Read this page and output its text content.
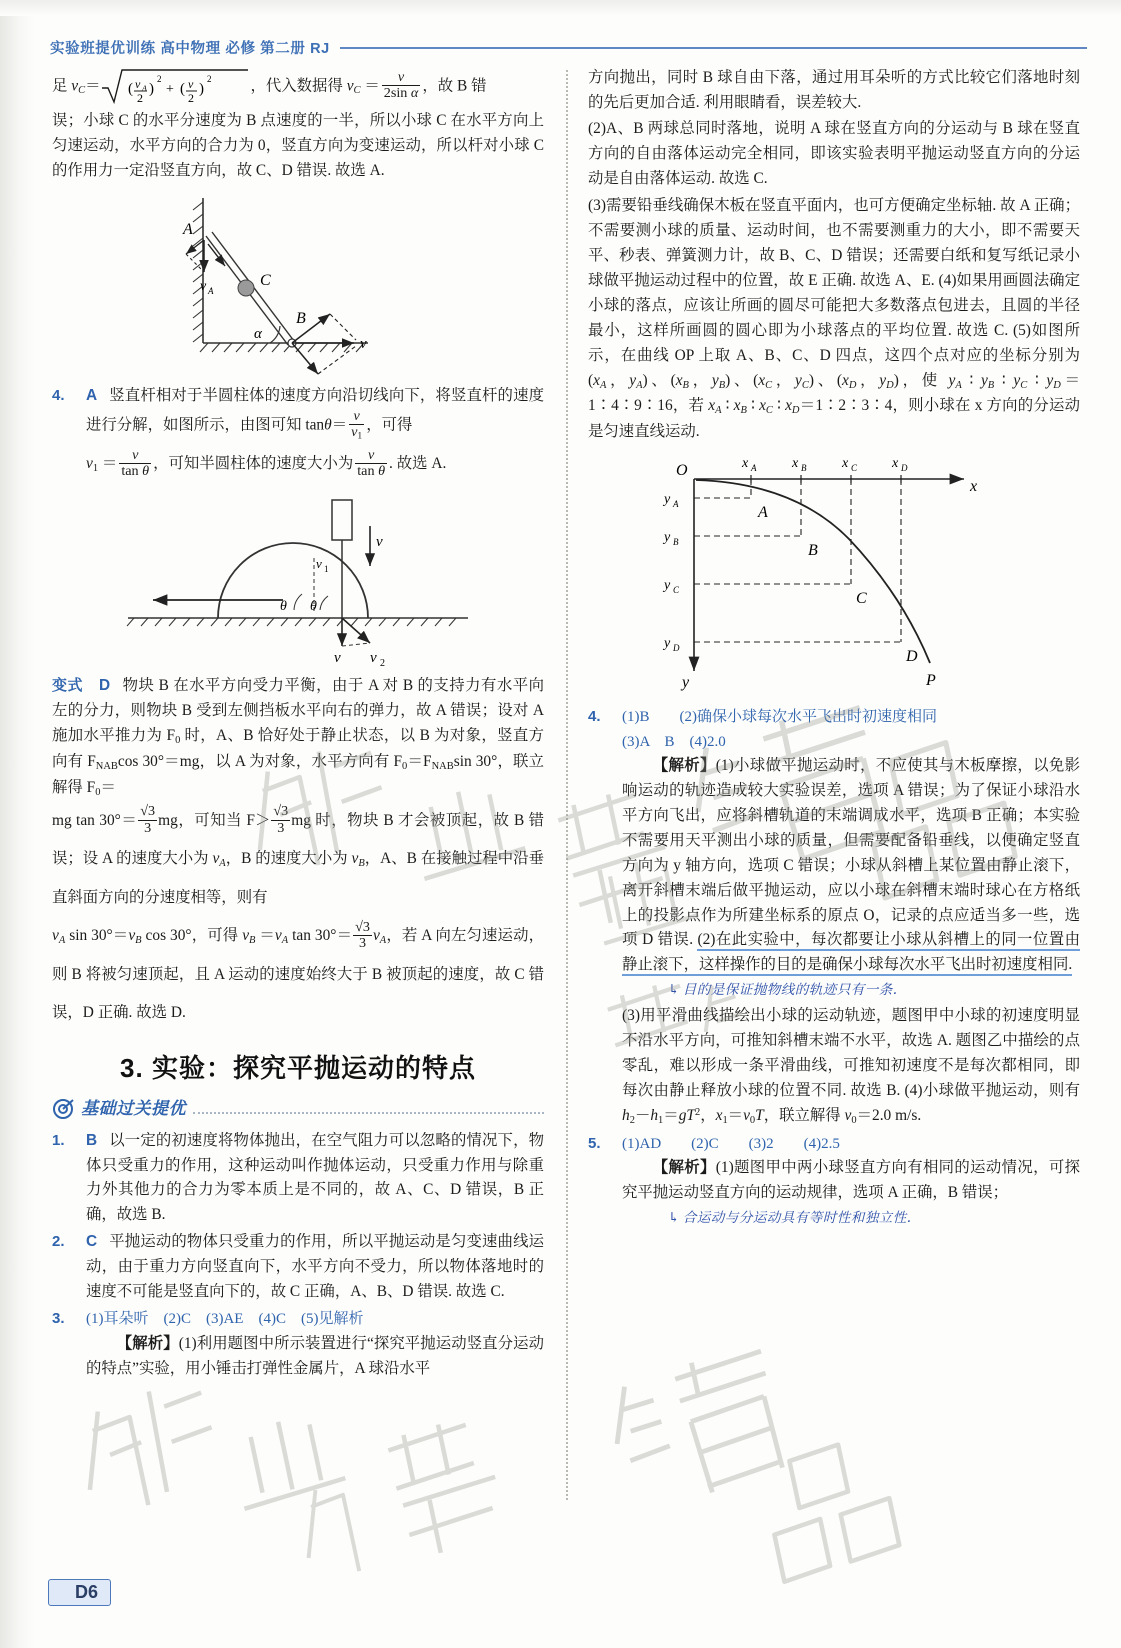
实验班提优训练 高中物理 必修 第二册 RJ

足 $v_C=$ ( v A
2
)
2
+ ( v
2
)
2	，代入数据得 $v_C = \frac{v}{\text{2sin α}}$ ，故 B 错

误；小球 C 的水平分速度为 B 点速度的一半，所以小球 C 在水平方向上匀速运动，水平方向的合力为 0，竖直方向为变速运动，所以杆对小球 C 的作用力一定沿竖直方向，故 C、D 错误. 故选 A.

C
A
v A
B
α
v
4. A 竖直杆相对于半圆柱体的速度方向沿切线向下，将竖直杆的速度进行分解，如图所示，由图可知 $\tan\theta= \frac{v}{v1}$ ，可得
$v1 = \frac{v}{\text{tan θ}}$ ，可知半圆柱体的速度大小为 $\frac{v}{\text{tan θ}}$ . 故选 A.
v
v 1
θ θ
v v 2
变式 D 物块 B 在水平方向受力平衡，由于 A 对 B 的支持力有水平向左的分力，则物块 B 受到左侧挡板水平向右的弹力，故 A 错误；设对 A 施加水平推力为 F0 时，A、B 恰好处于静止状态，以 B 为对象，竖直方向有 FNABcos 30°＝mg，以 A 为对象，水平方向有 F0＝FNABsin 30°，联立解得 F0＝
mg $\tan 30^\circ= \frac{√3}{3}$ mg，可知当 $F> \frac{√3}{3}$ mg 时，物块 B 才会被顶起，故 B 错误；设 A 的速度大小为 $v_A$，B 的速度大小为 $v_B$，A、B 在接触过程中沿垂直斜面方向的分速度相等，则有
$v_A$ $\sin 30^\circ=v_B$ cos 30°，可得 $v_B =v_A$ $\tan 30^\circ= \frac{√3}{3} v_A$，若 A 向左匀速运动，则 B 将被匀速顶起，且 A 运动的速度始终大于 B 被顶起的速度，故 C 错误，D 正确. 故选 D.
3. 实验：探究平抛运动的特点
基础过关提优
1. B 以一定的初速度将物体抛出，在空气阻力可以忽略的情况下，物体只受重力的作用，这种运动叫作抛体运动，只受重力作用与除重力外其他力的合力为零本质上是不同的，故 A、C、D 错误，B 正确，故选 B.
2. C 平抛运动的物体只受重力的作用，所以平抛运动是匀变速曲线运动，由于重力方向竖直向下，水平方向不受力，所以物体落地时的速度不可能是竖直向下的，故 C 正确，A、B、D 错误. 故选 C.
3. (1)耳朵听　(2)C　(3)AE　(4)C　(5)见解析
【解析】(1)利用题图中所示装置进行“探究平抛运动竖直分运动的特点”实验，用小锤击打弹性金属片，A 球沿水平

方向抛出，同时 B 球自由下落，通过用耳朵听的方式比较它们落地时刻的先后更加合适. 利用眼睛看，误差较大.

(2)A、B 两球总同时落地，说明 A 球在竖直方向的分运动与 B 球在竖直方向的自由落体运动完全相同，即该实验表明平抛运动竖直方向的分运动是自由落体运动. 故选 C.

(3)需要铅垂线确保木板在竖直平面内，也可方便确定坐标轴. 故 A 正确；不需要测小球的质量、运动时间，也不需要测重力的大小，即不需要天平、秒表、弹簧测力计，故 B、C、D 错误；还需要白纸和复写纸记录小球做平抛运动过程中的位置，故 E 正确. 故选 A、E. (4)如果用画圆法确定小球的落点，应该让所画的圆尽可能把大多数落点包进去，且圆的半径最小，这样所画圆的圆心即为小球落点的平均位置. 故选 C. (5)如图所示，在曲线 OP 上取 A、B、C、D 四点，这四个点对应的坐标分别为($x_A$，$y_A$)、($x_B$，$y_B$)、($x_C$，$y_C$)、($x_D$，$y_D$)，使 $y_A$ ∶ $y_B$ ∶ $y_C$ ∶ $y_D=1∶4∶9∶16$，若 $x_A$ ∶ $x_B$ ∶ $x_C$ ∶ $x_D=1∶2∶3∶4$，则小球在 x 方向的分运动是匀速直线运动.

x
y
O	x A	x B	x C x D
y A
y B
y C
y D
A
B
C
D
P
4. (1)B　　(2)确保小球每次水平飞出时初速度相同
(3)A　B　(4)2.0
【解析】(1)小球做平抛运动时，不应使其与木板摩擦，以免影响运动的轨迹造成较大实验误差，选项 A 错误；为了保证小球沿水平方向飞出，应将斜槽轨道的末端调成水平，选项 B 正确；本实验不需要用天平测出小球的质量，但需要配备铅垂线，以便确定竖直方向为 y 轴方向，选项 C 错误；小球从斜槽上某位置由静止滚下，离开斜槽末端后做平抛运动，应以小球在斜槽末端时球心在方格纸上的投影点作为所建坐标系的原点 O，记录的点应适当多一些，选项 D 错误. (2)在此实验中，每次都要让小球从斜槽上的同一位置由静止滚下，这样操作的目的是确保小球每次水平飞出时初速度相同.
↳ 目的是保证抛物线的轨迹只有一条.
(3)用平滑曲线描绘出小球的运动轨迹，题图甲中小球的初速度明显不沿水平方向，可推知斜槽末端不水平，故选 A. 题图乙中描绘的点零乱，难以形成一条平滑曲线，可推知初速度不是每次都相同，即每次由静止释放小球的位置不同. 故选 B. (4)小球做平抛运动，则有 $h2-h1=gT^2$，x1＝v0T，联立解得 v0＝2.0 m/s.
5. (1)AD　　(2)C　　(3)2　　(4)2.5
【解析】(1)题图甲中两小球竖直方向有相同的运动情况，可探究平抛运动竖直方向的运动规律，选项 A 正确，B 错误；
↳ 合运动与分运动具有等时性和独立性.
D6
